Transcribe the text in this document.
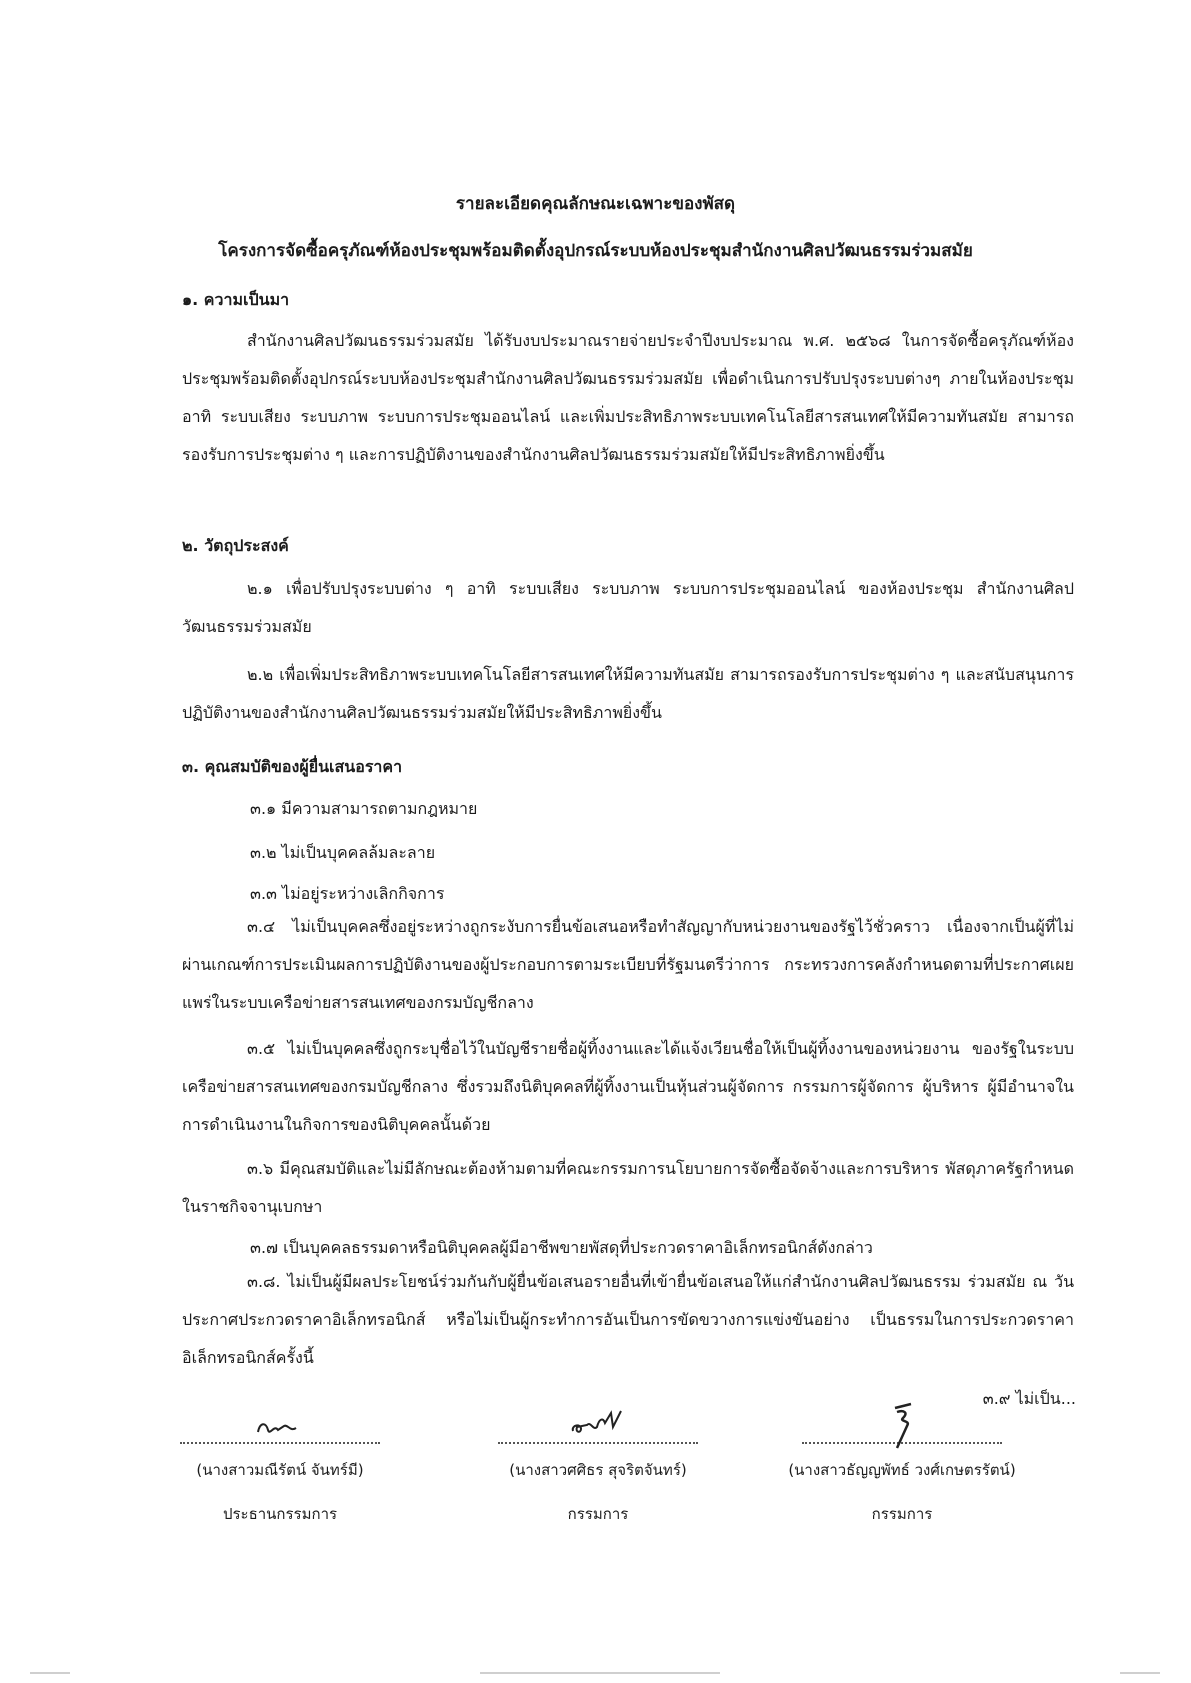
รายละเอียดคุณลักษณะเฉพาะของพัสดุ
โครงการจัดซื้อครุภัณฑ์ห้องประชุมพร้อมติดตั้งอุปกรณ์ระบบห้องประชุมสำนักงานศิลปวัฒนธรรมร่วมสมัย
๑. ความเป็นมา
สำนักงานศิลปวัฒนธรรมร่วมสมัย ได้รับงบประมาณรายจ่ายประจำปีงบประมาณ พ.ศ. ๒๕๖๘ ในการจัดซื้อครุภัณฑ์ห้องประชุมพร้อมติดตั้งอุปกรณ์ระบบห้องประชุมสำนักงานศิลปวัฒนธรรมร่วมสมัย เพื่อดำเนินการปรับปรุงระบบต่างๆ ภายในห้องประชุม อาทิ ระบบเสียง ระบบภาพ ระบบการประชุมออนไลน์ และเพิ่มประสิทธิภาพระบบเทคโนโลยีสารสนเทศให้มีความทันสมัย สามารถรองรับการประชุมต่าง ๆ และการปฏิบัติงานของสำนักงานศิลปวัฒนธรรมร่วมสมัยให้มีประสิทธิภาพยิ่งขึ้น
๒. วัตถุประสงค์
๒.๑ เพื่อปรับปรุงระบบต่าง ๆ อาทิ ระบบเสียง ระบบภาพ ระบบการประชุมออนไลน์ ของห้องประชุม สำนักงานศิลปวัฒนธรรมร่วมสมัย
๒.๒ เพื่อเพิ่มประสิทธิภาพระบบเทคโนโลยีสารสนเทศให้มีความทันสมัย สามารถรองรับการประชุมต่าง ๆ และสนับสนุนการปฏิบัติงานของสำนักงานศิลปวัฒนธรรมร่วมสมัยให้มีประสิทธิภาพยิ่งขึ้น
๓. คุณสมบัติของผู้ยื่นเสนอราคา
๓.๑ มีความสามารถตามกฎหมาย
๓.๒ ไม่เป็นบุคคลล้มละลาย
๓.๓ ไม่อยู่ระหว่างเลิกกิจการ
๓.๔ ไม่เป็นบุคคลซึ่งอยู่ระหว่างถูกระงับการยื่นข้อเสนอหรือทำสัญญากับหน่วยงานของรัฐไว้ชั่วคราว เนื่องจากเป็นผู้ที่ไม่ผ่านเกณฑ์การประเมินผลการปฏิบัติงานของผู้ประกอบการตามระเบียบที่รัฐมนตรีว่าการ กระทรวงการคลังกำหนดตามที่ประกาศเผยแพร่ในระบบเครือข่ายสารสนเทศของกรมบัญชีกลาง
๓.๕ ไม่เป็นบุคคลซึ่งถูกระบุชื่อไว้ในบัญชีรายชื่อผู้ทิ้งงานและได้แจ้งเวียนชื่อให้เป็นผู้ทิ้งงานของหน่วยงาน ของรัฐในระบบเครือข่ายสารสนเทศของกรมบัญชีกลาง ซึ่งรวมถึงนิติบุคคลที่ผู้ทิ้งงานเป็นหุ้นส่วนผู้จัดการ กรรมการผู้จัดการ ผู้บริหาร ผู้มีอำนาจในการดำเนินงานในกิจการของนิติบุคคลนั้นด้วย
๓.๖ มีคุณสมบัติและไม่มีลักษณะต้องห้ามตามที่คณะกรรมการนโยบายการจัดซื้อจัดจ้างและการบริหาร พัสดุภาครัฐกำหนดในราชกิจจานุเบกษา
๓.๗ เป็นบุคคลธรรมดาหรือนิติบุคคลผู้มีอาชีพขายพัสดุที่ประกวดราคาอิเล็กทรอนิกส์ดังกล่าว
๓.๘. ไม่เป็นผู้มีผลประโยชน์ร่วมกันกับผู้ยื่นข้อเสนอรายอื่นที่เข้ายื่นข้อเสนอให้แก่สำนักงานศิลปวัฒนธรรม ร่วมสมัย ณ วันประกาศประกวดราคาอิเล็กทรอนิกส์ หรือไม่เป็นผู้กระทำการอันเป็นการขัดขวางการแข่งขันอย่าง เป็นธรรมในการประกวดราคาอิเล็กทรอนิกส์ครั้งนี้
๓.๙ ไม่เป็น...
(นางสาวมณีรัตน์ จันทร์มี)
ประธานกรรมการ
(นางสาวศศิธร สุจริตจันทร์)
กรรมการ
(นางสาวธัญญพัทธ์ วงศ์เกษตรรัตน์)
กรรมการ
